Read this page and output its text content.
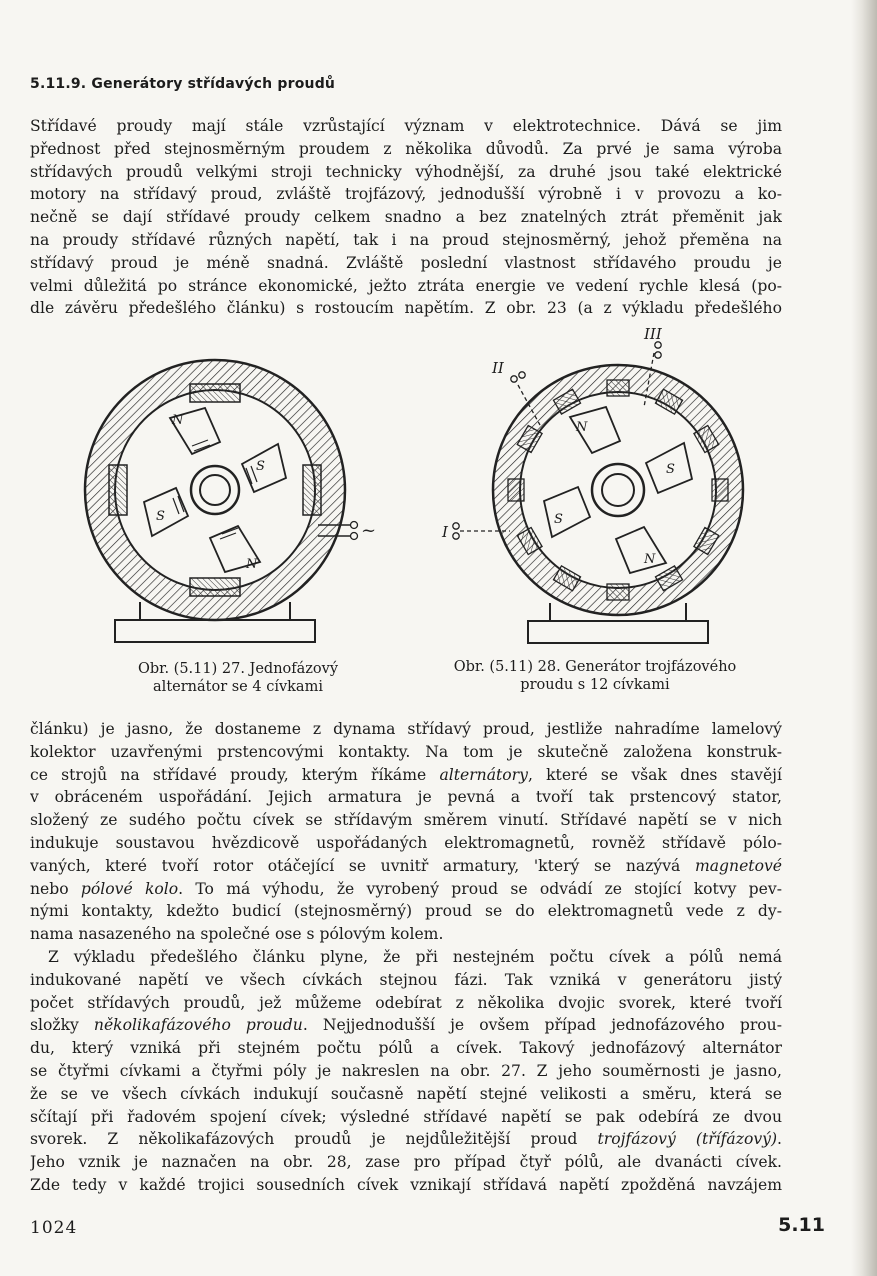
5.11.9. Generátory střídavých proudů

Střídavé proudy mají stále vzrůstající význam v elektrotechnice. Dává se jim
přednost před stejnosměrným proudem z několika důvodů. Za prvé je sama výroba
střídavých proudů velkými stroji technicky výhodnější, za druhé jsou také elektrické
motory na střídavý proud, zvláště trojfázový, jednodušší výrobně i v provozu a ko-
nečně se dají střídavé proudy celkem snadno a bez znatelných ztrát přeměnit jak
na proudy střídavé různých napětí, tak i na proud stejnosměrný, jehož přeměna na
střídavý proud je méně snadná. Zvláště poslední vlastnost střídavého proudu je
velmi důležitá po stránce ekonomické, ježto ztráta energie ve vedení rychle klesá (po-
dle závěru předešlého článku) s rostoucím napětím. Z obr. 23 (a z výkladu předešlého

N
S
N
S
~
Obr. (5.11) 27. Jednofázový
alternátor se 4 cívkami
N
S
N
S
I
II
III
Obr. (5.11) 28. Generátor trojfázového
proudu s 12 cívkami

článku) je jasno, že dostaneme z dynama střídavý proud, jestliže nahradíme lamelový
kolektor uzavřenými prstencovými kontakty. Na tom je skutečně založena konstruk-
ce strojů na střídavé proudy, kterým říkáme alternátory, které se však dnes stavějí
v obráceném uspořádání. Jejich armatura je pevná a tvoří tak prstencový stator,
složený ze sudého počtu cívek se střídavým směrem vinutí. Střídavé napětí se v nich
indukuje soustavou hvězdicově uspořádaných elektromagnetů, rovněž střídavě pólo-
vaných, které tvoří rotor otáčející se uvnitř armatury, 'který se nazývá magnetové
nebo pólové kolo. To má výhodu, že vyrobený proud se odvádí ze stojící kotvy pev-
nými kontakty, kdežto budicí (stejnosměrný) proud se do elektromagnetů vede z dy-
nama nasazeného na společné ose s pólovým kolem.

Z výkladu předešlého článku plyne, že při nestejném počtu cívek a pólů nemá
indukované napětí ve všech cívkách stejnou fázi. Tak vzniká v generátoru jistý
počet střídavých proudů, jež můžeme odebírat z několika dvojic svorek, které tvoří
složky několikafázového proudu. Nejjednodušší je ovšem případ jednofázového prou-
du, který vzniká při stejném počtu pólů a cívek. Takový jednofázový alternátor
se čtyřmi cívkami a čtyřmi póly je nakreslen na obr. 27. Z jeho souměrnosti je jasno,
že se ve všech cívkách indukují současně napětí stejné velikosti a směru, která se
sčítají při řadovém spojení cívek; výsledné střídavé napětí se pak odebírá ze dvou
svorek. Z několikafázových proudů je nejdůležitější proud trojfázový (třífázový).
Jeho vznik je naznačen na obr. 28, zase pro případ čtyř pólů, ale dvanácti cívek.
Zde tedy v každé trojici sousedních cívek vznikají střídavá napětí zpožděná navzájem

1024	5.11
